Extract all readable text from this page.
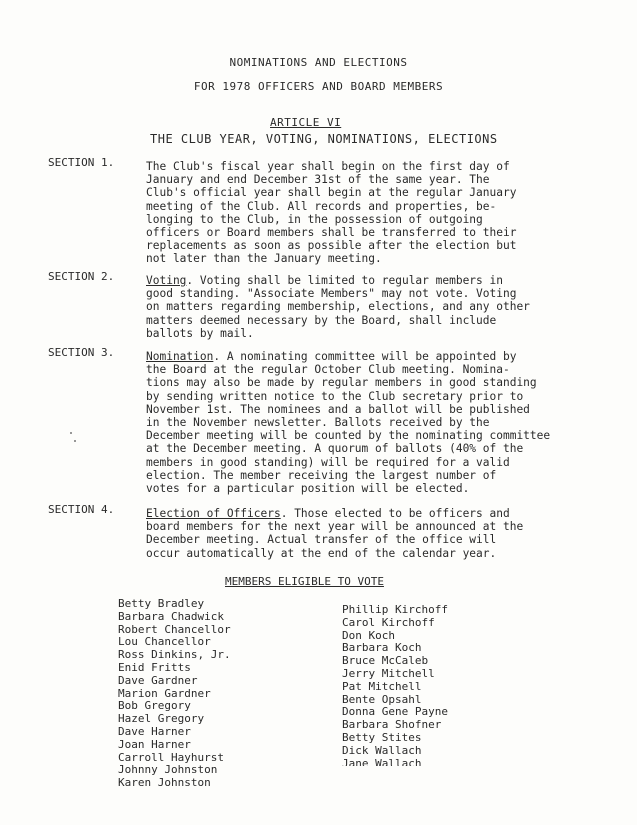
NOMINATIONS AND ELECTIONS
FOR 1978 OFFICERS AND BOARD MEMBERS
ARTICLE VI
THE CLUB YEAR, VOTING, NOMINATIONS, ELECTIONS
SECTION 1.	The Club's fiscal year shall begin on the first day of
January and end December 31st of the same year. The
Club's official year shall begin at the regular January
meeting of the Club. All records and properties, be-
longing to the Club, in the possession of outgoing
officers or Board members shall be transferred to their
replacements as soon as possible after the election but
not later than the January meeting.
SECTION 2.	Voting. Voting shall be limited to regular members in
good standing. "Associate Members" may not vote. Voting
on matters regarding membership, elections, and any other
matters deemed necessary by the Board, shall include
ballots by mail.
SECTION 3.	Nomination. A nominating committee will be appointed by
the Board at the regular October Club meeting. Nomina-
tions may also be made by regular members in good standing
by sending written notice to the Club secretary prior to
November 1st. The nominees and a ballot will be published
in the November newsletter. Ballots received by the
December meeting will be counted by the nominating committee
at the December meeting. A quorum of ballots (40% of the
members in good standing) will be required for a valid
election. The member receiving the largest number of
votes for a particular position will be elected.
SECTION 4.	Election of Officers. Those elected to be officers and
board members for the next year will be announced at the
December meeting. Actual transfer of the office will
occur automatically at the end of the calendar year.
MEMBERS ELIGIBLE TO VOTE
Betty Bradley
Barbara Chadwick
Robert Chancellor
Lou Chancellor
Ross Dinkins, Jr.
Enid Fritts
Dave Gardner
Marion Gardner
Bob Gregory
Hazel Gregory
Dave Harner
Joan Harner
Carroll Hayhurst
Johnny Johnston
Karen Johnston
Phillip Kirchoff
Carol Kirchoff
Don Koch
Barbara Koch
Bruce McCaleb
Jerry Mitchell
Pat Mitchell
Bente Opsahl
Donna Gene Payne
Barbara Shofner
Betty Stites
Dick Wallach
Jane Wallach
